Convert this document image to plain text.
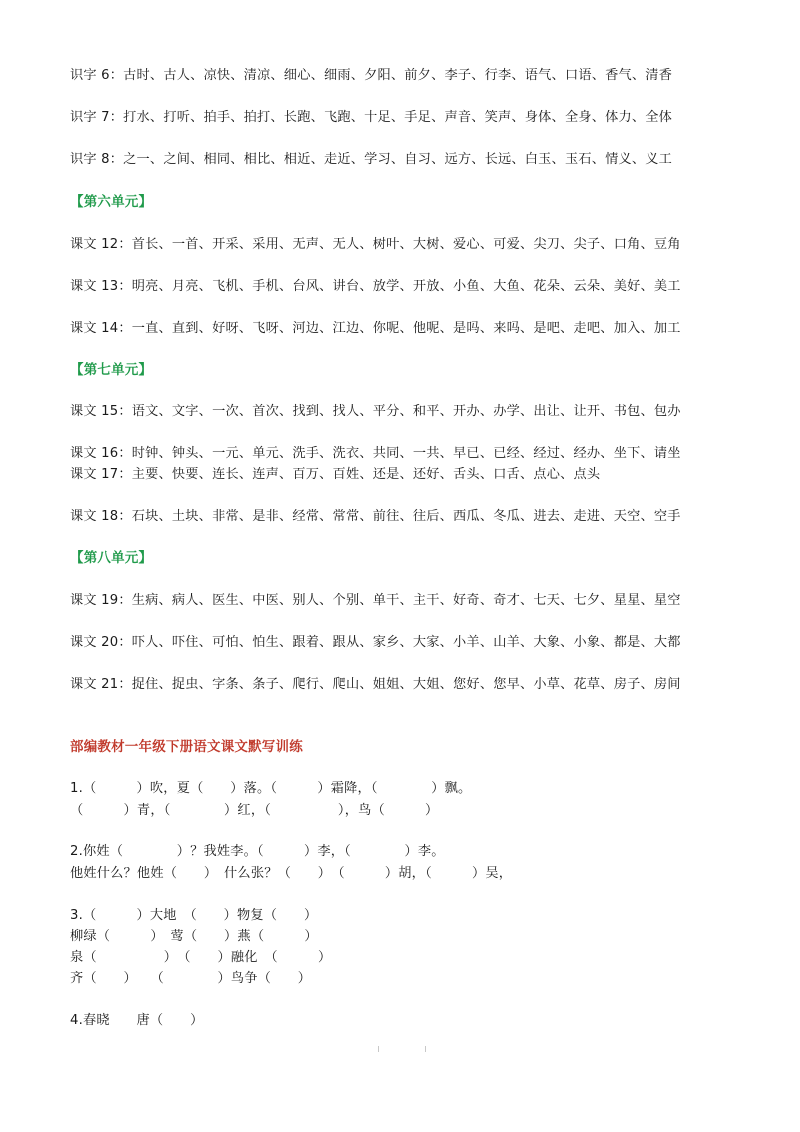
识字 6：古时、古人、凉快、清凉、细心、细雨、夕阳、前夕、李子、行李、语气、口语、香气、清香
识字 7：打水、打听、拍手、拍打、长跑、飞跑、十足、手足、声音、笑声、身体、全身、体力、全体
识字 8：之一、之间、相同、相比、相近、走近、学习、自习、远方、长远、白玉、玉石、情义、义工
【第六单元】
课文 12：首长、一首、开采、采用、无声、无人、树叶、大树、爱心、可爱、尖刀、尖子、口角、豆角
课文 13：明亮、月亮、飞机、手机、台风、讲台、放学、开放、小鱼、大鱼、花朵、云朵、美好、美工
课文 14：一直、直到、好呀、飞呀、河边、江边、你呢、他呢、是吗、来吗、是吧、走吧、加入、加工
【第七单元】
课文 15：语文、文字、一次、首次、找到、找人、平分、和平、开办、办学、出让、让开、书包、包办
课文 16：时钟、钟头、一元、单元、洗手、洗衣、共同、一共、早已、已经、经过、经办、坐下、请坐
课文 17：主要、快要、连长、连声、百万、百姓、还是、还好、舌头、口舌、点心、点头
课文 18：石块、土块、非常、是非、经常、常常、前往、往后、西瓜、冬瓜、进去、走进、天空、空手
【第八单元】
课文 19：生病、病人、医生、中医、别人、个别、单干、主干、好奇、奇才、七天、七夕、星星、星空
课文 20：吓人、吓住、可怕、怕生、跟着、跟从、家乡、大家、小羊、山羊、大象、小象、都是、大都
课文 21：捉住、捉虫、字条、条子、爬行、爬山、姐姐、大姐、您好、您早、小草、花草、房子、房间
部编教材一年级下册语文课文默写训练
1.（　　　）吹，夏（　　）落。（　　　）霜降，（　　　　）飘。
（　　　）青，（　　　　）红，（　　　　　），鸟（　　　）
2.你姓（　　　　）？我姓李。（　　　）李，（　　　　）李。
他姓什么？他姓（　　）　什么张？（　　）　（　　　）胡，（　　　）吴，
3.（　　　）大地　（　　）物复（　　）
柳绿（　　　）　莺（　　）燕（　　　）
泉（　　　　　）　（　　）融化　（　　　）
齐（　　）　　（　　　　）鸟争（　　）
4.春晓　　唐（　　）
